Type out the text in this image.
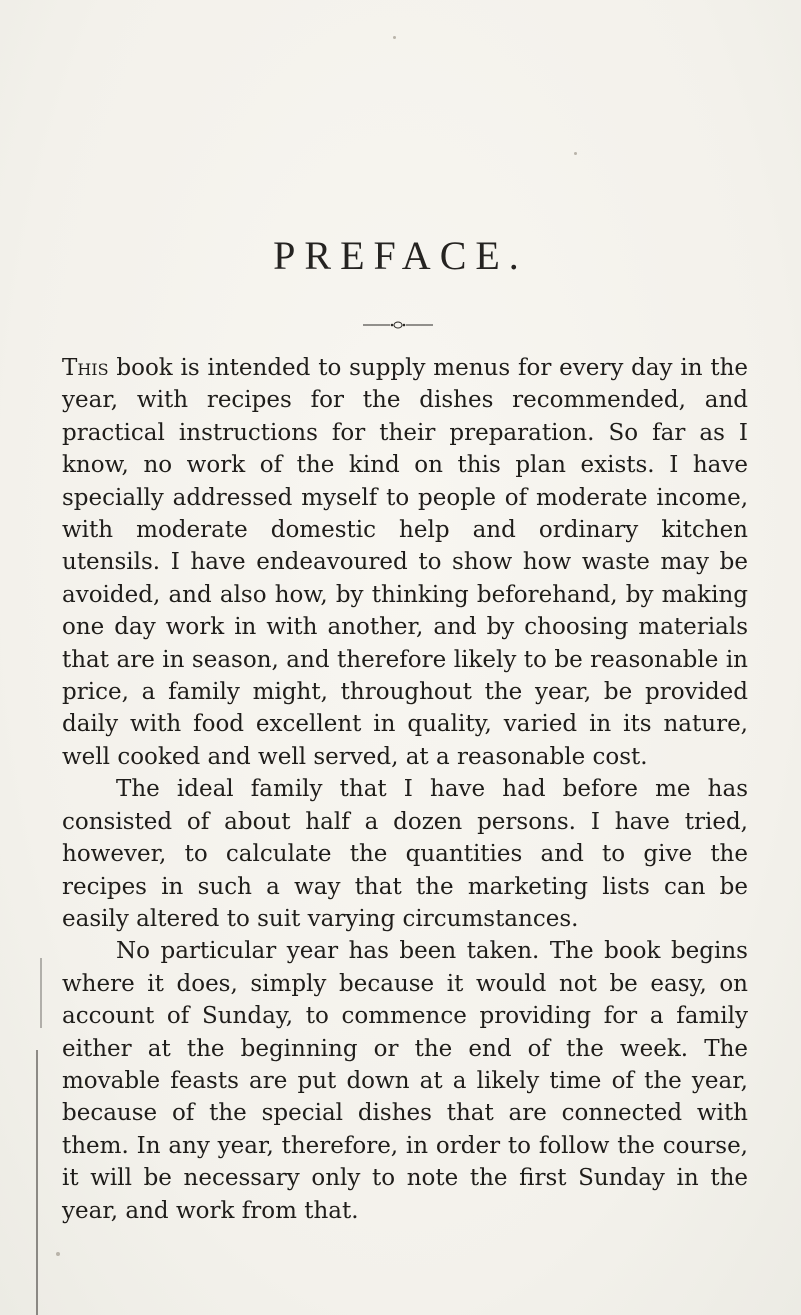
PREFACE.

This book is intended to supply menus for every day in the year, with recipes for the dishes recommended, and practical instructions for their preparation. So far as I know, no work of the kind on this plan exists. I have specially addressed myself to people of moderate income, with moderate domestic help and ordinary kitchen utensils. I have endeavoured to show how waste may be avoided, and also how, by thinking beforehand, by making one day work in with another, and by choosing materials that are in season, and therefore likely to be reasonable in price, a family might, throughout the year, be provided daily with food excellent in quality, varied in its nature, well cooked and well served, at a reasonable cost.

The ideal family that I have had before me has consisted of about half a dozen persons. I have tried, however, to calculate the quantities and to give the recipes in such a way that the marketing lists can be easily altered to suit varying circumstances.

No particular year has been taken. The book begins where it does, simply because it would not be easy, on account of Sunday, to commence providing for a family either at the beginning or the end of the week. The movable feasts are put down at a likely time of the year, because of the special dishes that are connected with them. In any year, therefore, in order to follow the course, it will be necessary only to note the first Sunday in the year, and work from that.
